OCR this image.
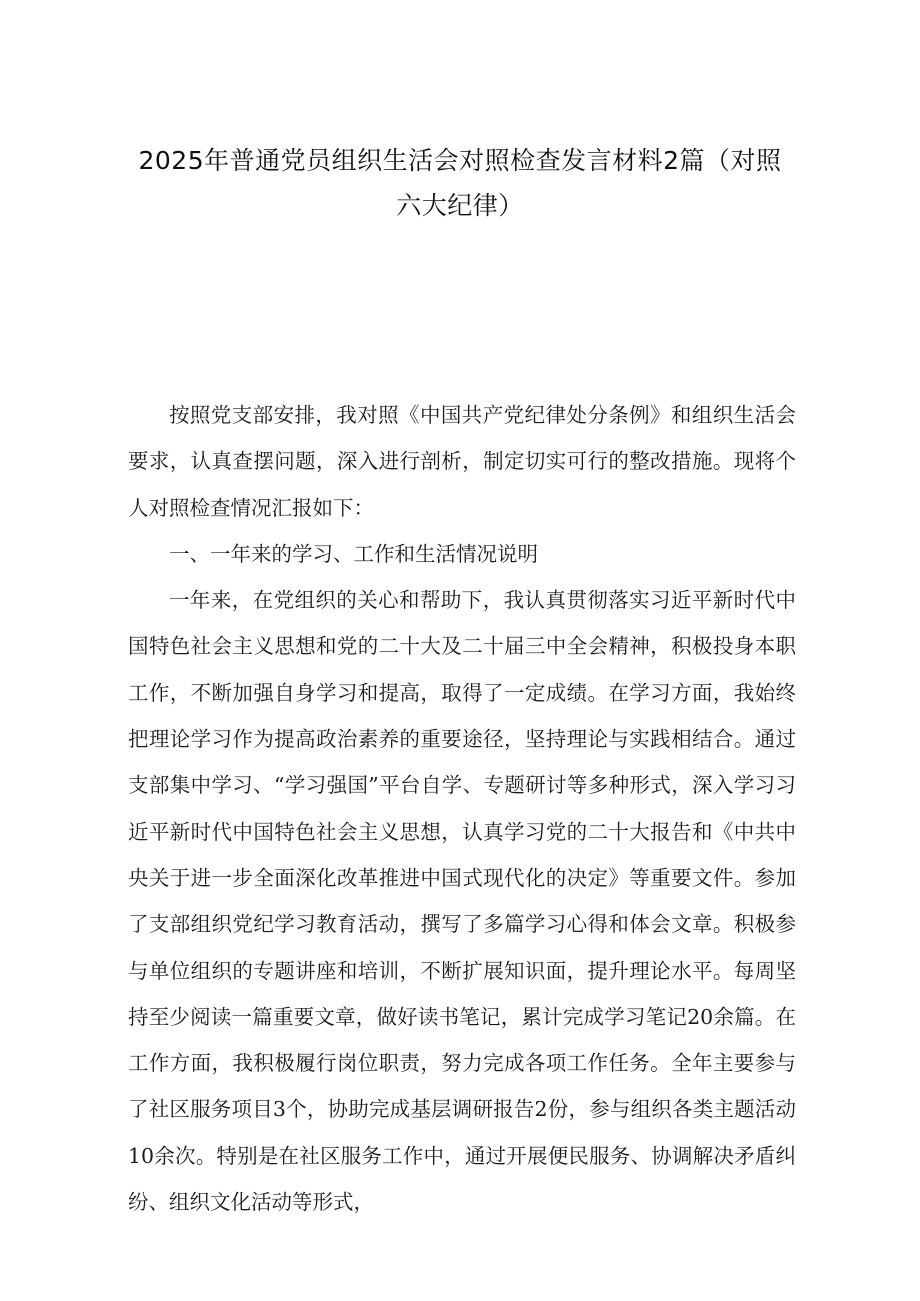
2025年普通党员组织生活会对照检查发言材料2篇（对照
六大纪律）

按照党支部安排，我对照《中国共产党纪律处分条例》和组织生活会要求，认真查摆问题，深入进行剖析，制定切实可行的整改措施。现将个人对照检查情况汇报如下：

一、一年来的学习、工作和生活情况说明

一年来，在党组织的关心和帮助下，我认真贯彻落实习近平新时代中国特色社会主义思想和党的二十大及二十届三中全会精神，积极投身本职工作，不断加强自身学习和提高，取得了一定成绩。在学习方面，我始终把理论学习作为提高政治素养的重要途径，坚持理论与实践相结合。通过支部集中学习、“学习强国”平台自学、专题研讨等多种形式，深入学习习近平新时代中国特色社会主义思想，认真学习党的二十大报告和《中共中央关于进一步全面深化改革推进中国式现代化的决定》等重要文件。参加了支部组织党纪学习教育活动，撰写了多篇学习心得和体会文章。积极参与单位组织的专题讲座和培训，不断扩展知识面，提升理论水平。每周坚持至少阅读一篇重要文章，做好读书笔记，累计完成学习笔记20余篇。在工作方面，我积极履行岗位职责，努力完成各项工作任务。全年主要参与了社区服务项目3个，协助完成基层调研报告2份，参与组织各类主题活动10余次。特别是在社区服务工作中，通过开展便民服务、协调解决矛盾纠纷、组织文化活动等形式，
